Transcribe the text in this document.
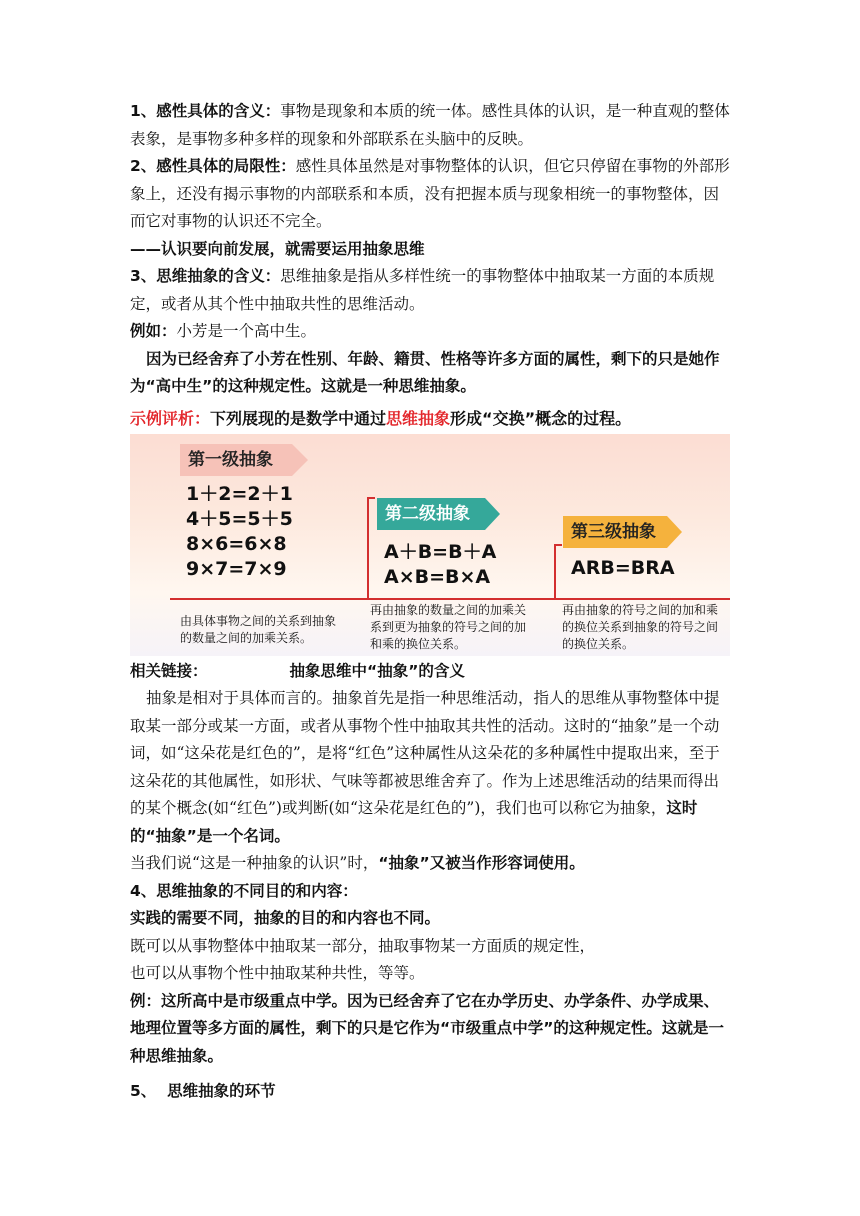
1、感性具体的含义：事物是现象和本质的统一体。感性具体的认识，是一种直观的整体表象，是事物多种多样的现象和外部联系在头脑中的反映。

2、感性具体的局限性：感性具体虽然是对事物整体的认识，但它只停留在事物的外部形象上，还没有揭示事物的内部联系和本质，没有把握本质与现象相统一的事物整体，因而它对事物的认识还不完全。

——认识要向前发展，就需要运用抽象思维

3、思维抽象的含义：思维抽象是指从多样性统一的事物整体中抽取某一方面的本质规定，或者从其个性中抽取共性的思维活动。

例如：小芳是一个高中生。

因为已经舍弃了小芳在性别、年龄、籍贯、性格等许多方面的属性，剩下的只是她作为“高中生”的这种规定性。这就是一种思维抽象。

示例评析：下列展现的是数学中通过思维抽象形成“交换”概念的过程。
第一级抽象
1＋2=2＋1
4＋5=5＋5
8×6=6×8
9×7=7×9
第二级抽象
A＋B=B＋A
A×B=B×A
第三级抽象
ARB=BRA
由具体事物之间的关系到抽象的数量之间的加乘关系。
再由抽象的数量之间的加乘关系到更为抽象的符号之间的加和乘的换位关系。
再由抽象的符号之间的加和乘的换位关系到抽象的符号之间的换位关系。

相关链接：	抽象思维中“抽象”的含义

抽象是相对于具体而言的。抽象首先是指一种思维活动，指人的思维从事物整体中提取某一部分或某一方面，或者从事物个性中抽取其共性的活动。这时的“抽象”是一个动词，如“这朵花是红色的”，是将“红色”这种属性从这朵花的多种属性中提取出来，至于这朵花的其他属性，如形状、气味等都被思维舍弃了。作为上述思维活动的结果而得出的某个概念(如“红色”)或判断(如“这朵花是红色的”)，我们也可以称它为抽象，这时的“抽象”是一个名词。

当我们说“这是一种抽象的认识”时，“抽象”又被当作形容词使用。

4、思维抽象的不同目的和内容：

实践的需要不同，抽象的目的和内容也不同。

既可以从事物整体中抽取某一部分，抽取事物某一方面质的规定性，

也可以从事物个性中抽取某种共性，等等。

例：这所高中是市级重点中学。因为已经舍弃了它在办学历史、办学条件、办学成果、地理位置等多方面的属性，剩下的只是它作为“市级重点中学”的这种规定性。这就是一种思维抽象。

5、  思维抽象的环节
